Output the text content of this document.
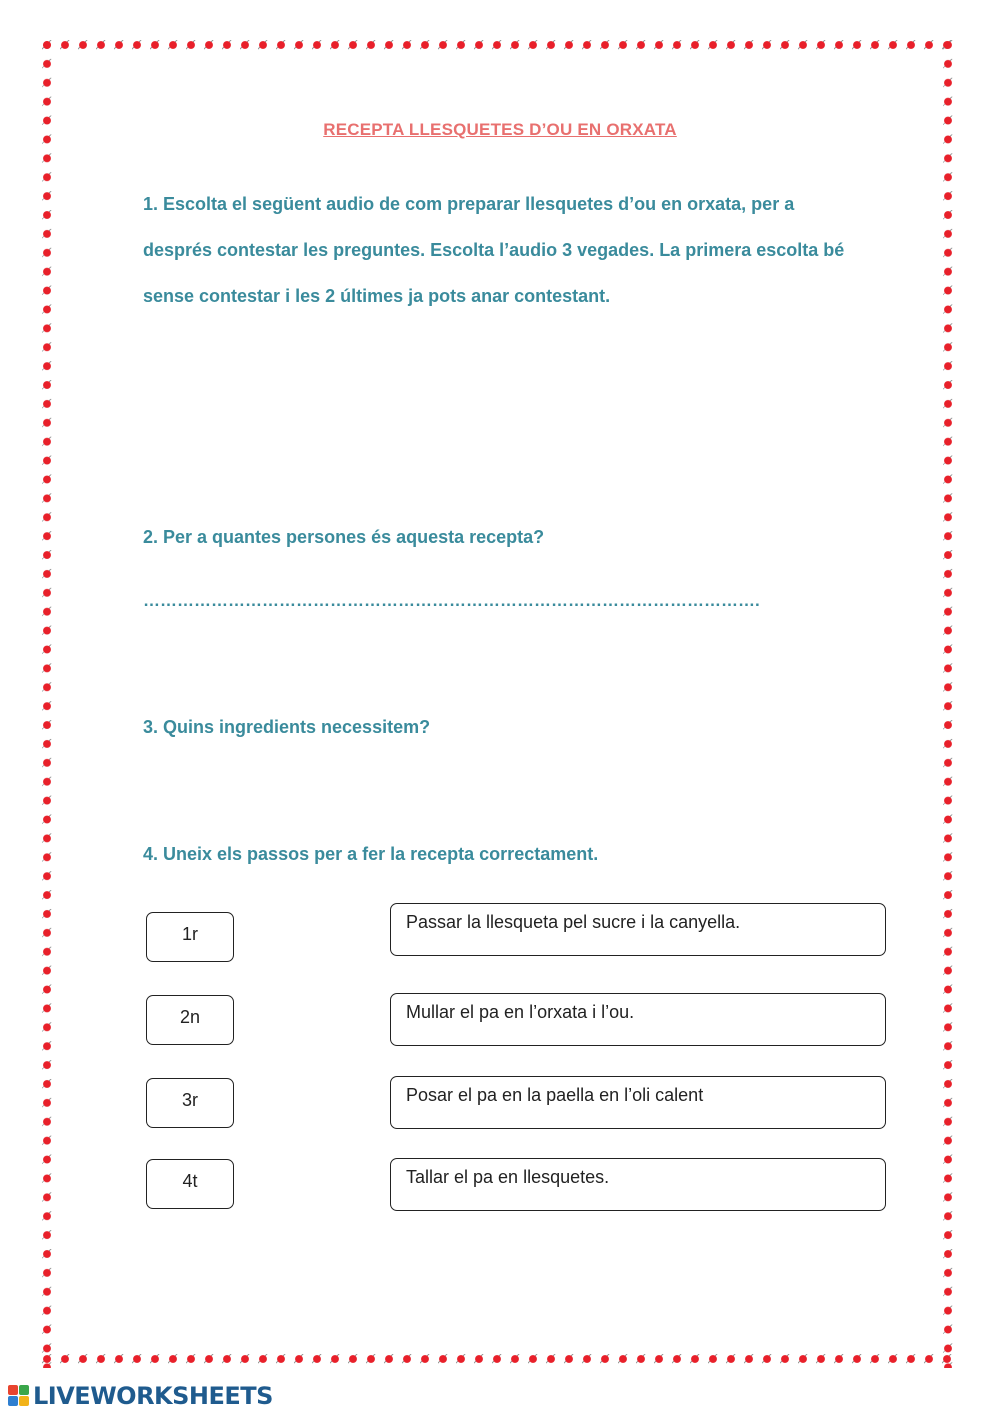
RECEPTA LLESQUETES D’OU EN ORXATA
1. Escolta el següent audio de com preparar llesquetes d’ou en orxata, per a després contestar les preguntes. Escolta l’audio 3 vegades. La primera escolta bé sense contestar i les 2 últimes ja pots anar contestant.
2. Per a quantes persones és aquesta recepta?
……………………………………………………………………………………………….
3. Quins ingredients necessitem?
4. Uneix els passos per a fer la recepta correctament.
1r
2n
3r
4t
Passar la llesqueta pel sucre i la canyella.
Mullar el pa en l’orxata i l’ou.
Posar el pa en la paella en l’oli calent
Tallar el pa en llesquetes.
LIVEWORKSHEETS
